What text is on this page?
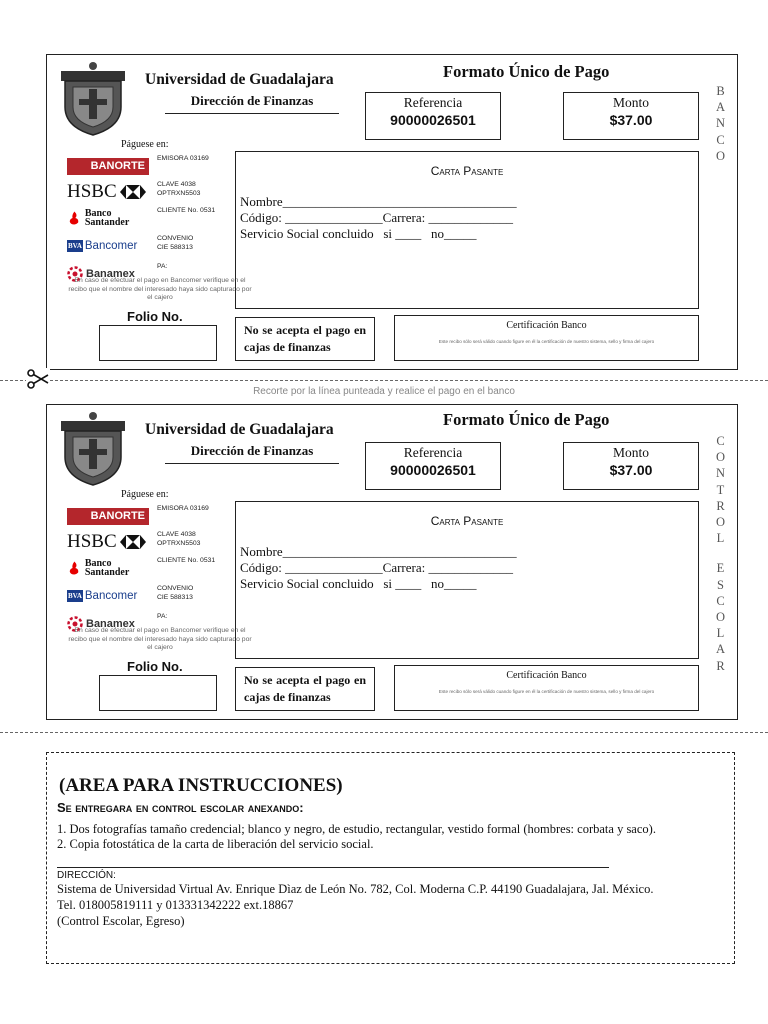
Universidad de Guadalajara
Dirección de Finanzas
Formato Único de Pago
Referencia
90000026501
Monto
$37.00
B
A
N
C
O
Páguese en:
BANORTE
EMISORA 03169
HSBC	CLAVE 4038
OPTRXN5503
Banco Santander
CLIENTE No. 0531
BVA Bancomer
CONVENIO
CIE 588313
Banamex
PA:
En caso de efectuar el pago en Bancomer verifique en el recibo que el nombre del interesado haya sido capturado por el cajero
Folio No.
Carta Pasante
Nombre____________________________________
Código: _______________Carrera: _____________
Servicio Social concluido   si ____   no_____
No se acepta el pago en cajas de finanzas
Certificación Banco
Este recibo sólo será válido cuando figure en él la certificación de nuestro sistema, sello y firma del cajero
Universidad de Guadalajara
Dirección de Finanzas
Formato Único de Pago
Referencia
90000026501
Monto
$37.00
C
O
N
T
R
O
L
E
S
C
O
L
A
R
Páguese en:
BANORTE
EMISORA 03169
HSBC	CLAVE 4038
OPTRXN5503
Banco Santander
CLIENTE No. 0531
BVA Bancomer
CONVENIO
CIE 588313
Banamex
PA:
En caso de efectuar el pago en Bancomer verifique en el recibo que el nombre del interesado haya sido capturado por el cajero
Folio No.
Carta Pasante
Nombre____________________________________
Código: _______________Carrera: _____________
Servicio Social concluido   si ____   no_____
No se acepta el pago en cajas de finanzas
Certificación Banco
Este recibo sólo será válido cuando figure en él la certificación de nuestro sistema, sello y firma del cajero
Recorte por la línea punteada y realice el pago en el banco
(AREA PARA INSTRUCCIONES)
Se entregara en control escolar anexando:
1. Dos fotografías tamaño credencial; blanco y negro, de estudio, rectangular, vestido formal (hombres: corbata y saco).
2. Copia fotostática de la carta de liberación del servicio social.
DIRECCIÓN:
Sistema de Universidad Virtual Av. Enrique Dìaz de León No. 782, Col. Moderna C.P. 44190 Guadalajara, Jal. México.
Tel. 018005819111 y 013331342222 ext.18867
(Control Escolar, Egreso)
